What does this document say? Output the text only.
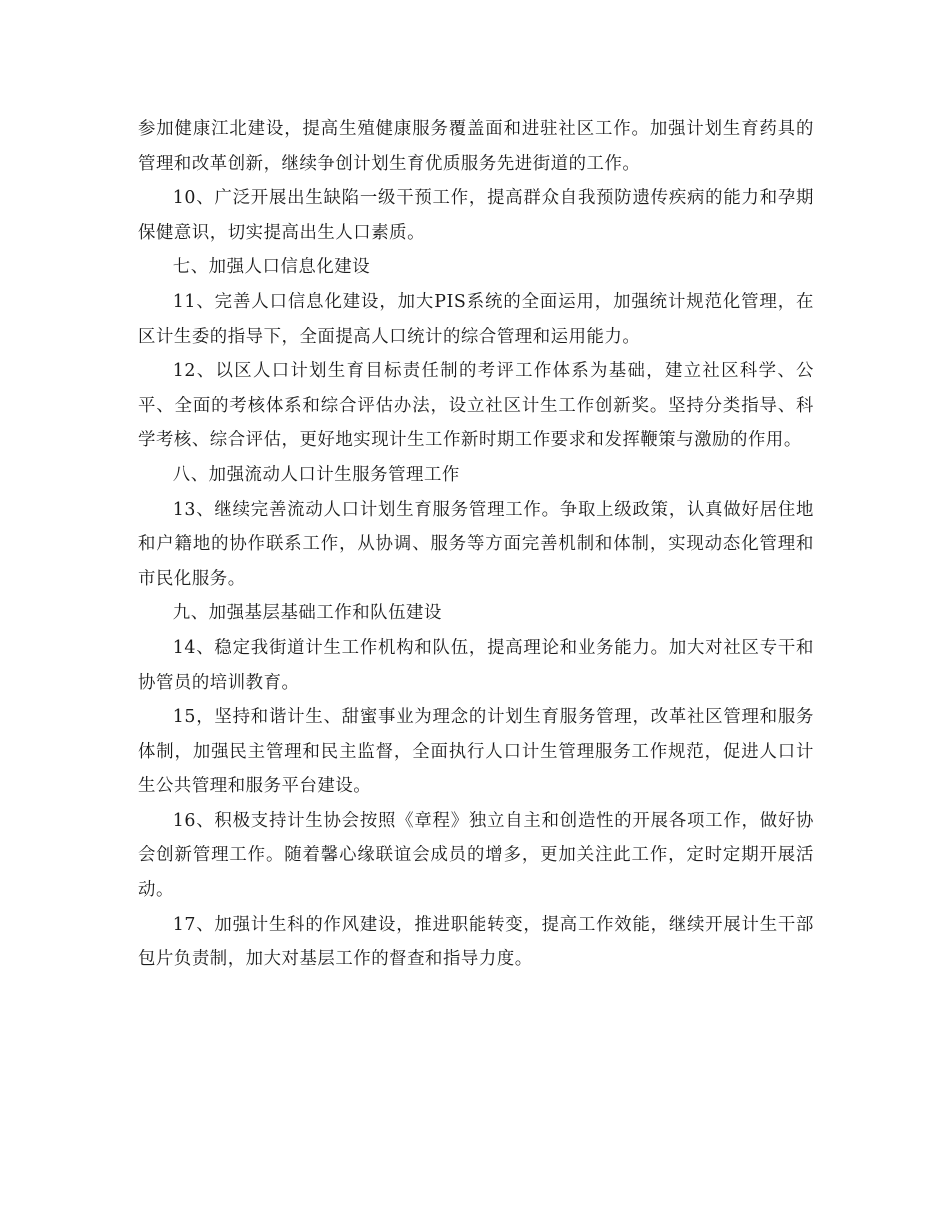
参加健康江北建设，提高生殖健康服务覆盖面和进驻社区工作。加强计划生育药具的管理和改革创新，继续争创计划生育优质服务先进街道的工作。

10、广泛开展出生缺陷一级干预工作，提高群众自我预防遗传疾病的能力和孕期保健意识，切实提高出生人口素质。

七、加强人口信息化建设

11、完善人口信息化建设，加大PIS系统的全面运用，加强统计规范化管理，在区计生委的指导下，全面提高人口统计的综合管理和运用能力。

12、以区人口计划生育目标责任制的考评工作体系为基础，建立社区科学、公平、全面的考核体系和综合评估办法，设立社区计生工作创新奖。坚持分类指导、科学考核、综合评估，更好地实现计生工作新时期工作要求和发挥鞭策与激励的作用。

八、加强流动人口计生服务管理工作

13、继续完善流动人口计划生育服务管理工作。争取上级政策，认真做好居住地和户籍地的协作联系工作，从协调、服务等方面完善机制和体制，实现动态化管理和市民化服务。

九、加强基层基础工作和队伍建设

14、稳定我街道计生工作机构和队伍，提高理论和业务能力。加大对社区专干和协管员的培训教育。

15，坚持和谐计生、甜蜜事业为理念的计划生育服务管理，改革社区管理和服务体制，加强民主管理和民主监督，全面执行人口计生管理服务工作规范，促进人口计生公共管理和服务平台建设。

16、积极支持计生协会按照《章程》独立自主和创造性的开展各项工作，做好协会创新管理工作。随着馨心缘联谊会成员的增多，更加关注此工作，定时定期开展活动。

17、加强计生科的作风建设，推进职能转变，提高工作效能，继续开展计生干部包片负责制，加大对基层工作的督查和指导力度。
